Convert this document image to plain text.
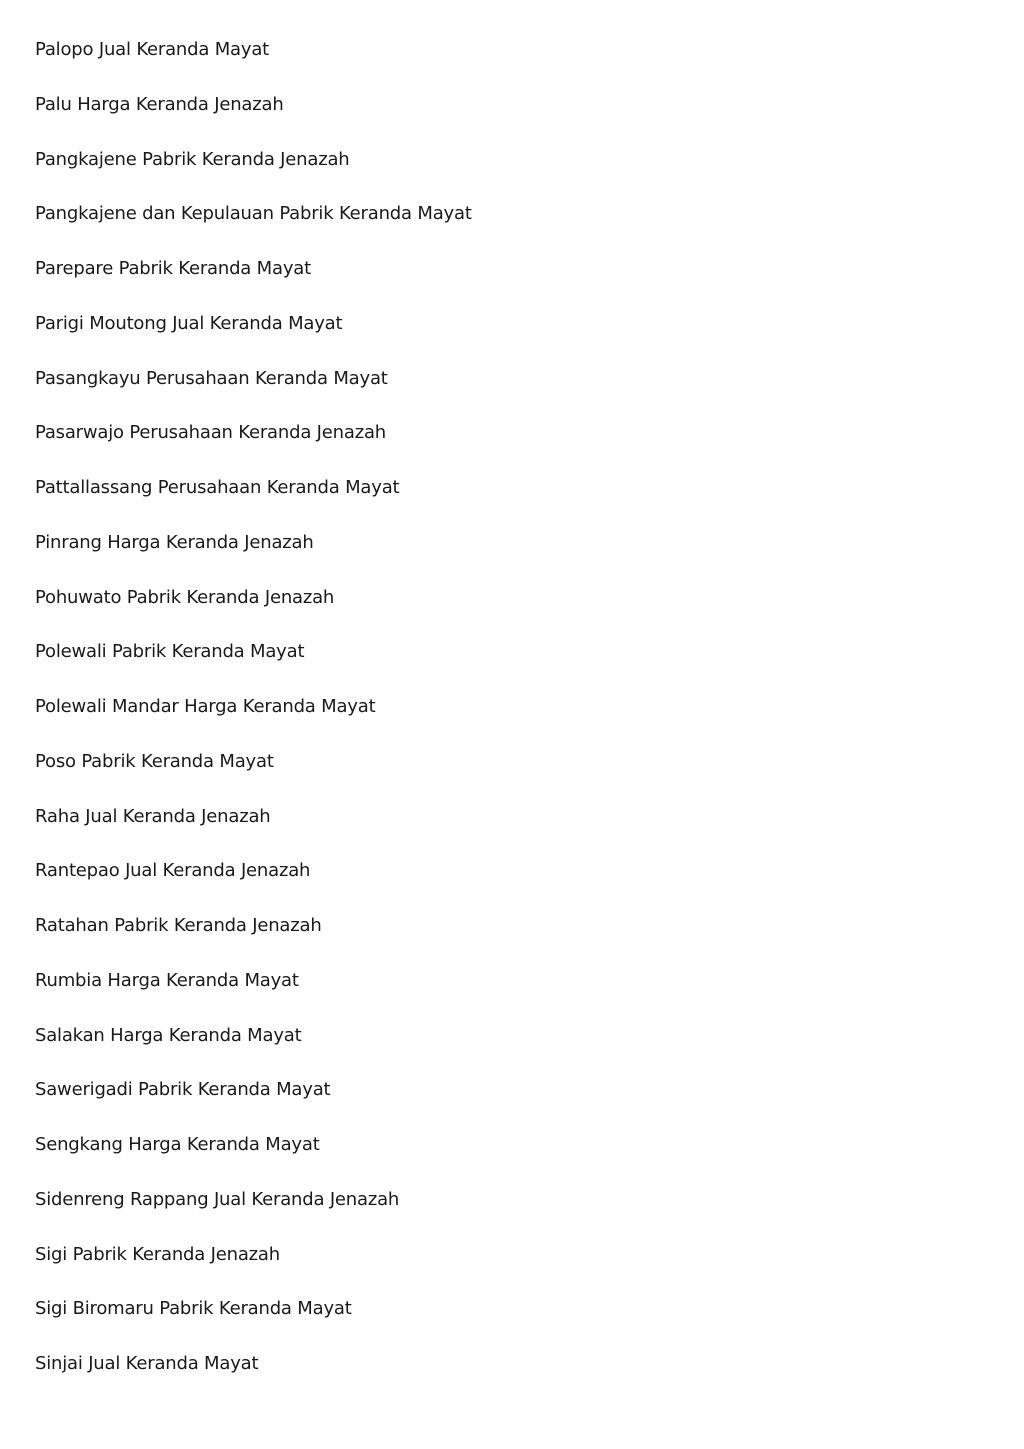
Palopo Jual Keranda Mayat
Palu Harga Keranda Jenazah
Pangkajene Pabrik Keranda Jenazah
Pangkajene dan Kepulauan Pabrik Keranda Mayat
Parepare Pabrik Keranda Mayat
Parigi Moutong Jual Keranda Mayat
Pasangkayu Perusahaan Keranda Mayat
Pasarwajo Perusahaan Keranda Jenazah
Pattallassang Perusahaan Keranda Mayat
Pinrang Harga Keranda Jenazah
Pohuwato Pabrik Keranda Jenazah
Polewali Pabrik Keranda Mayat
Polewali Mandar Harga Keranda Mayat
Poso Pabrik Keranda Mayat
Raha Jual Keranda Jenazah
Rantepao Jual Keranda Jenazah
Ratahan Pabrik Keranda Jenazah
Rumbia Harga Keranda Mayat
Salakan Harga Keranda Mayat
Sawerigadi Pabrik Keranda Mayat
Sengkang Harga Keranda Mayat
Sidenreng Rappang Jual Keranda Jenazah
Sigi Pabrik Keranda Jenazah
Sigi Biromaru Pabrik Keranda Mayat
Sinjai Jual Keranda Mayat
